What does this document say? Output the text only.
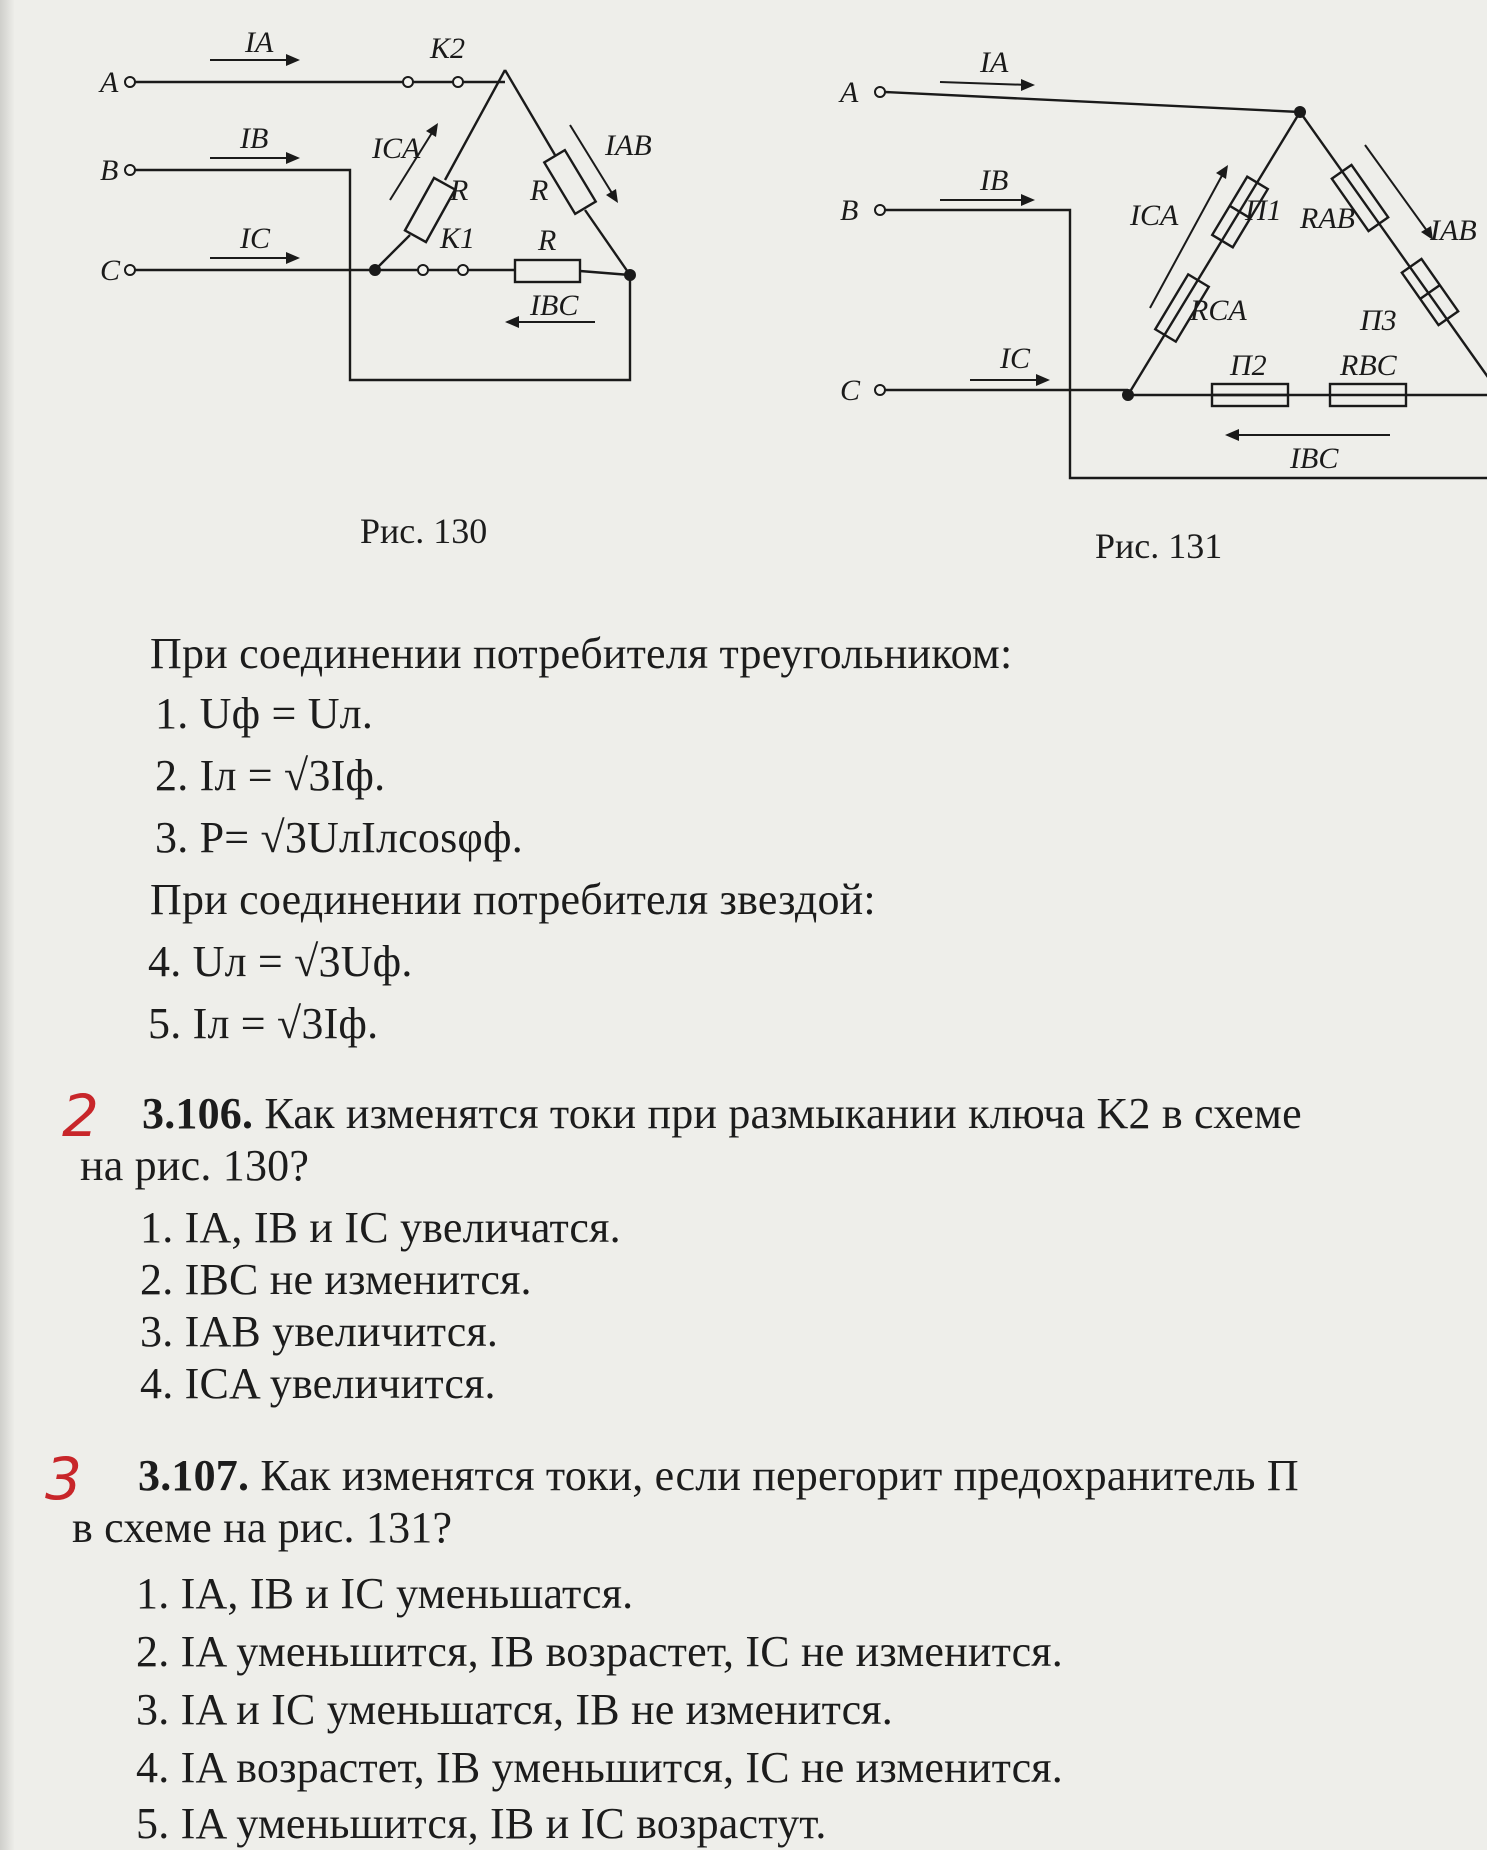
A
B
C
K2
K1
R R
R
IA
IB
IC
ICA	IAB
IBC
Рис. 130
A
B
C
П1 RAB
RCA	П3
П2 RBC
IA
IB
IC
ICA	IAB
IBC
Рис. 131
При соединении потребителя треугольником:
1. Uф = Uл.
2. Iл = √3Iф.
3. P= √3UлIлcosφф.
При соединении потребителя звездой:
4. Uл = √3Uф.
5. Iл = √3Iф.
2 3.106. Как изменятся токи при размыкании ключа K2 в схеме
на рис. 130?
1. IA, IB и IC увеличатся.
2. IBC не изменится.
3. IAB увеличится.
4. ICA увеличится.
3 3.107. Как изменятся токи, если перегорит предохранитель П
в схеме на рис. 131?
1. IA, IB и IC уменьшатся.
2. IA уменьшится, IB возрастет, IC не изменится.
3. IA и IC уменьшатся, IB не изменится.
4. IA возрастет, IB уменьшится, IC не изменится.
5. IA уменьшится, IB и IC возрастут.
